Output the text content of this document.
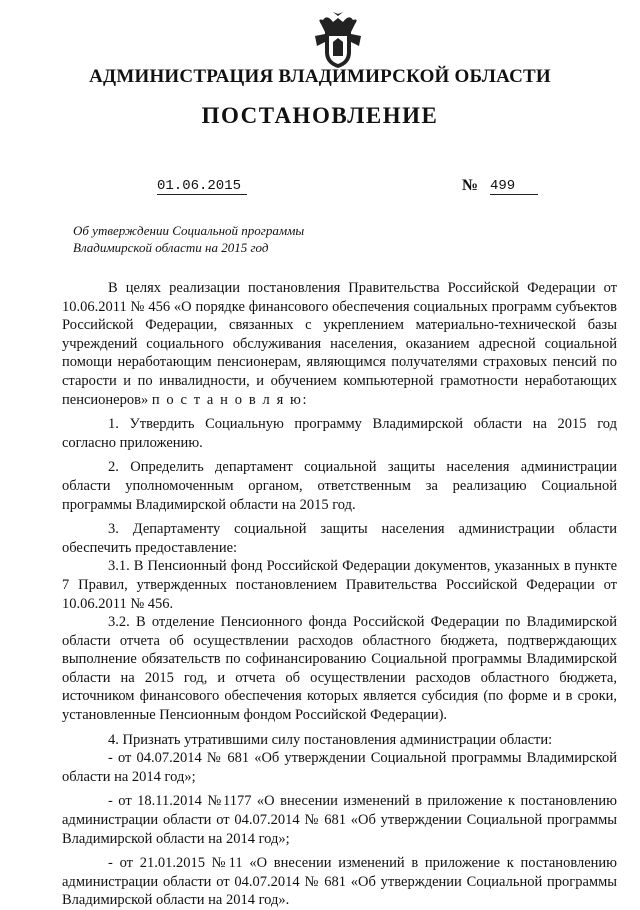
АДМИНИСТРАЦИЯ ВЛАДИМИРСКОЙ ОБЛАСТИ
ПОСТАНОВЛЕНИЕ
01.06.2015	№ 499
Об утверждении Социальной программы
Владимирской области на 2015 год

В целях реализации постановления Правительства Российской Федерации от 10.06.2011 № 456 «О порядке финансового обеспечения социальных программ субъектов Российской Федерации, связанных с укреплением материально-технической базы учреждений социального обслуживания населения, оказанием адресной социальной помощи неработающим пенсионерам, являющимся получателями страховых пенсий по старости и по инвалидности, и обучением компьютерной грамотности неработающих пенсионеров» п о с т а н о в л я ю:

1. Утвердить Социальную программу Владимирской области на 2015 год согласно приложению.

2. Определить департамент социальной защиты населения администрации области уполномоченным органом, ответственным за реализацию Социальной программы Владимирской области на 2015 год.

3. Департаменту социальной защиты населения администрации области обеспечить предоставление:

3.1. В Пенсионный фонд Российской Федерации документов, указанных в пункте 7 Правил, утвержденных постановлением Правительства Российской Федерации от 10.06.2011 № 456.

3.2. В отделение Пенсионного фонда Российской Федерации по Владимирской области отчета об осуществлении расходов областного бюджета, подтверждающих выполнение обязательств по софинансированию Социальной программы Владимирской области на 2015 год, и отчета об осуществлении расходов областного бюджета, источником финансового обеспечения которых является субсидия (по форме и в сроки, установленные Пенсионным фондом Российской Федерации).

4. Признать утратившими силу постановления администрации области:

- от 04.07.2014 № 681 «Об утверждении Социальной программы Владимирской области на 2014 год»;

- от 18.11.2014 №1177 «О внесении изменений в приложение к постановлению администрации области от 04.07.2014 № 681 «Об утверждении Социальной программы Владимирской области на 2014 год»;

- от 21.01.2015 №11 «О внесении изменений в приложение к постановлению администрации области от 04.07.2014 № 681 «Об утверждении Социальной программы Владимирской области на 2014 год».
